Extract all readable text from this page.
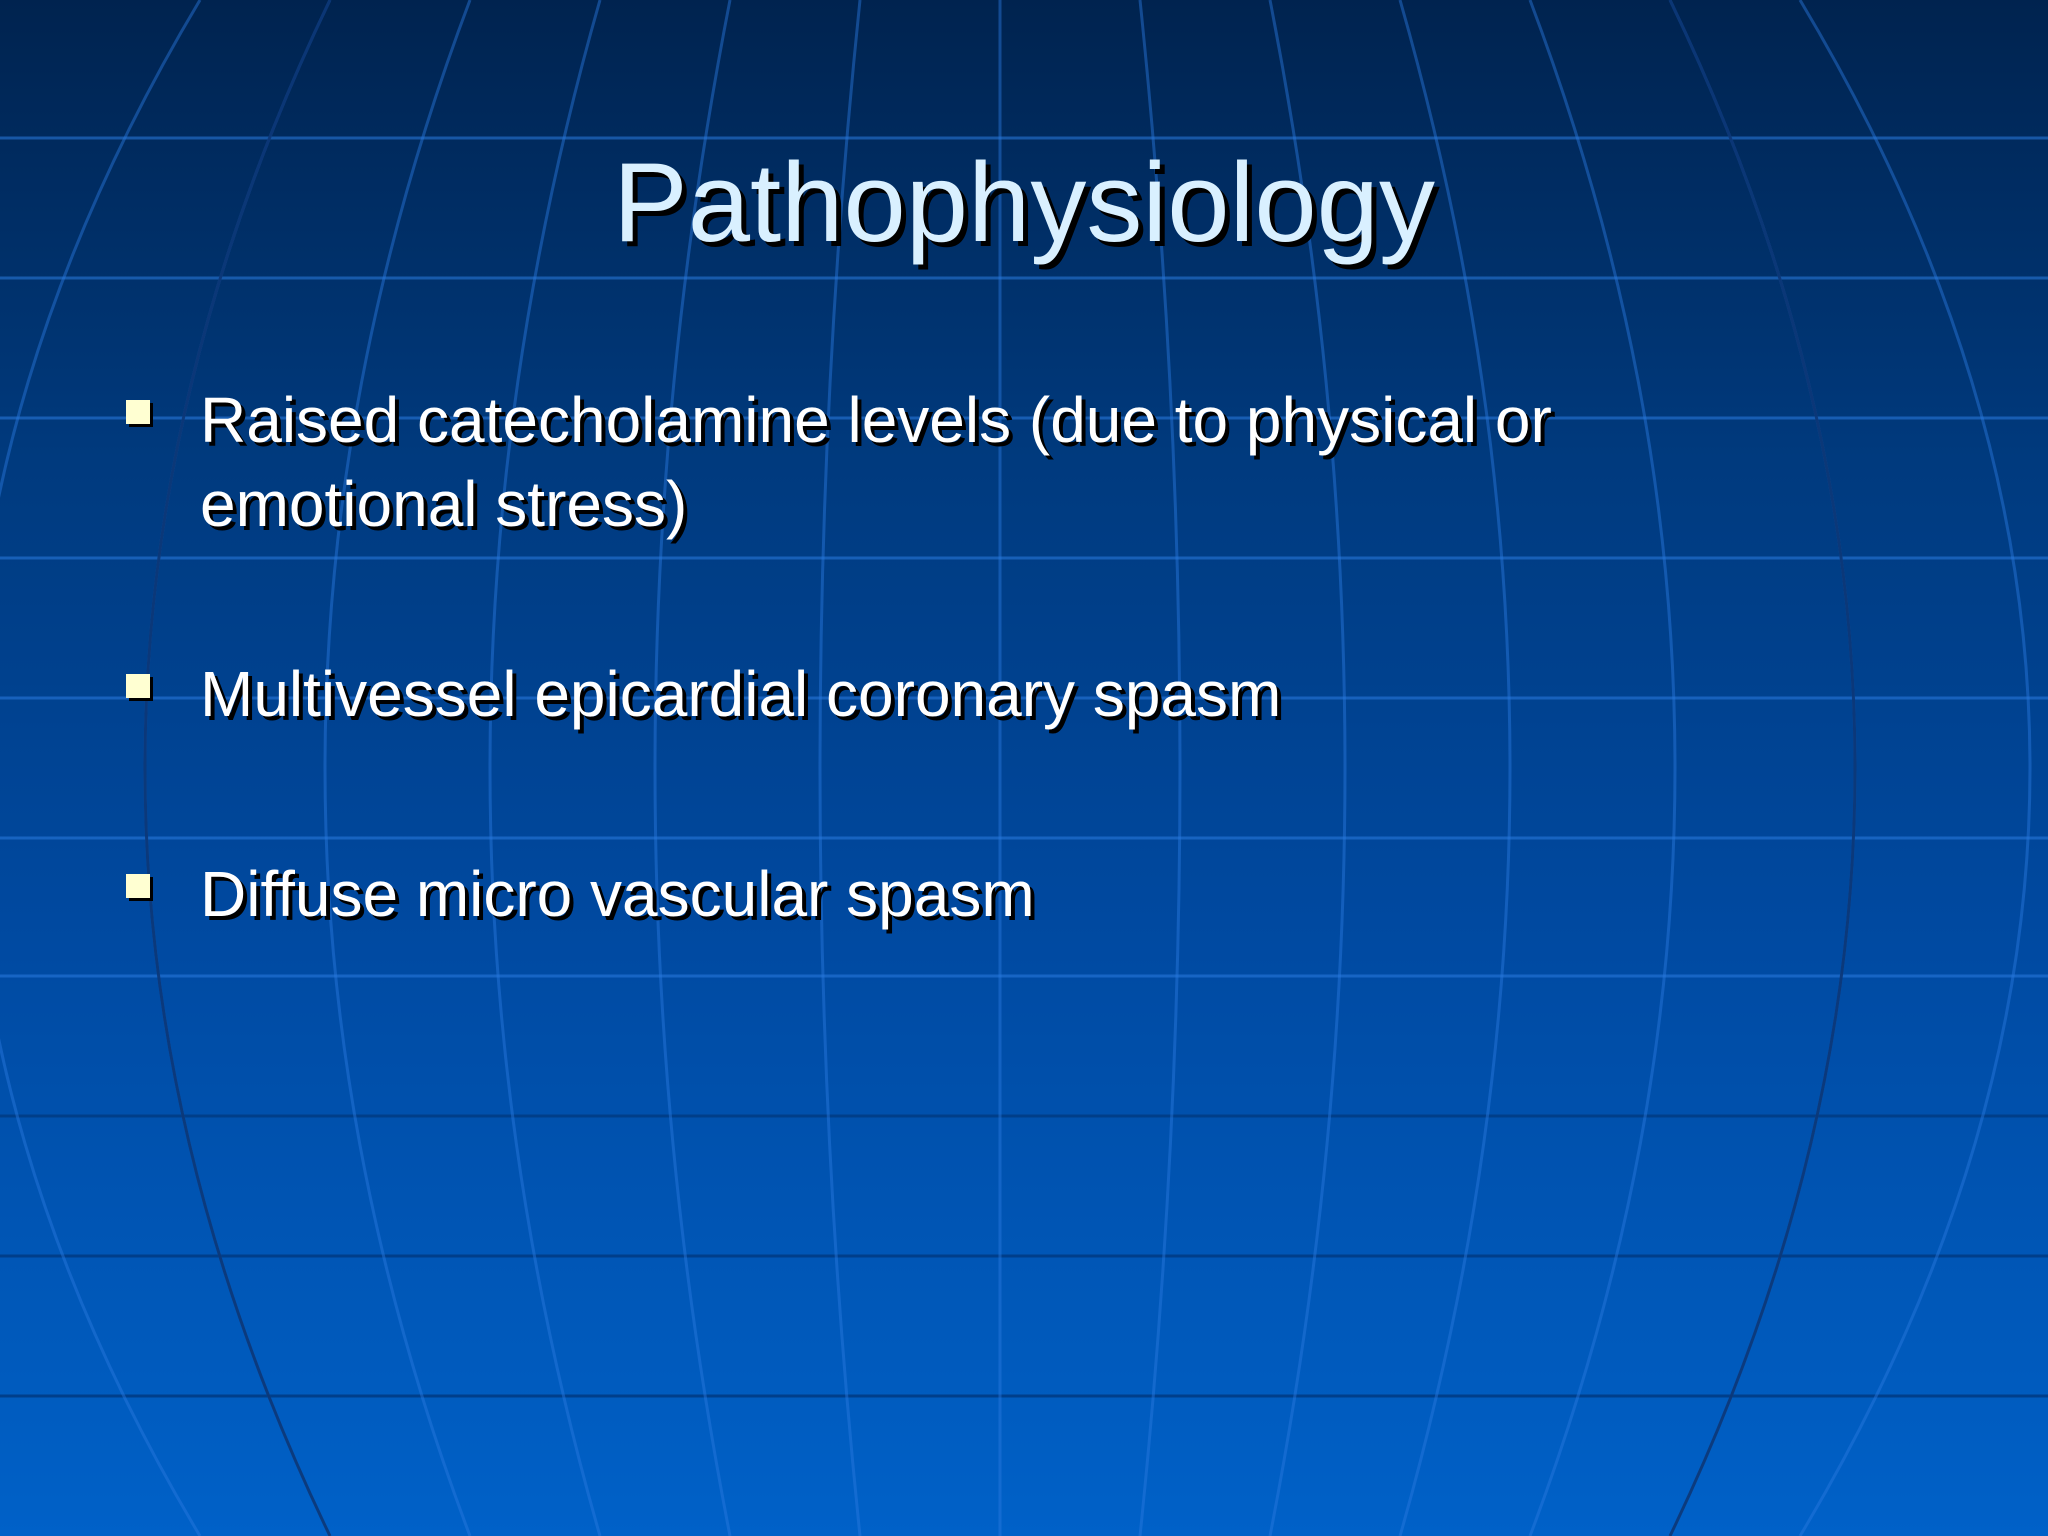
Pathophysiology
Raised catecholamine levels (due to physical or
emotional stress)
Multivessel epicardial coronary spasm
Diffuse micro vascular spasm
